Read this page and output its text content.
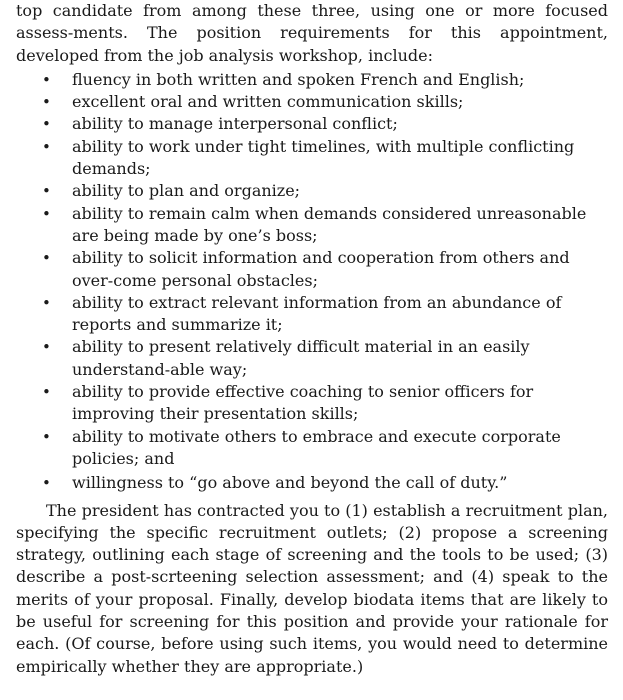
top candidate from among these three, using one or more focused assess-ments. The position requirements for this appointment, developed from the job analysis workshop, include:

• fluency in both written and spoken French and English;
• excellent oral and written communication skills;
• ability to manage interpersonal conflict;
• ability to work under tight timelines, with multiple conflicting demands;
• ability to plan and organize;
• ability to remain calm when demands considered unreasonable are being made by one’s boss;
• ability to solicit information and cooperation from others and over-come personal obstacles;
• ability to extract relevant information from an abundance of reports and summarize it;
• ability to present relatively difficult material in an easily understand-able way;
• ability to provide effective coaching to senior officers for improving their presentation skills;
• ability to motivate others to embrace and execute corporate policies; and
• willingness to “go above and beyond the call of duty.”

The president has contracted you to (1) establish a recruitment plan, specifying the specific recruitment outlets; (2) propose a screening strategy, outlining each stage of screening and the tools to be used; (3) describe a post-scrteening selection assessment; and (4) speak to the merits of your proposal. Finally, develop biodata items that are likely to be useful for screening for this position and provide your rationale for each. (Of course, before using such items, you would need to determine empirically whether they are appropriate.)
